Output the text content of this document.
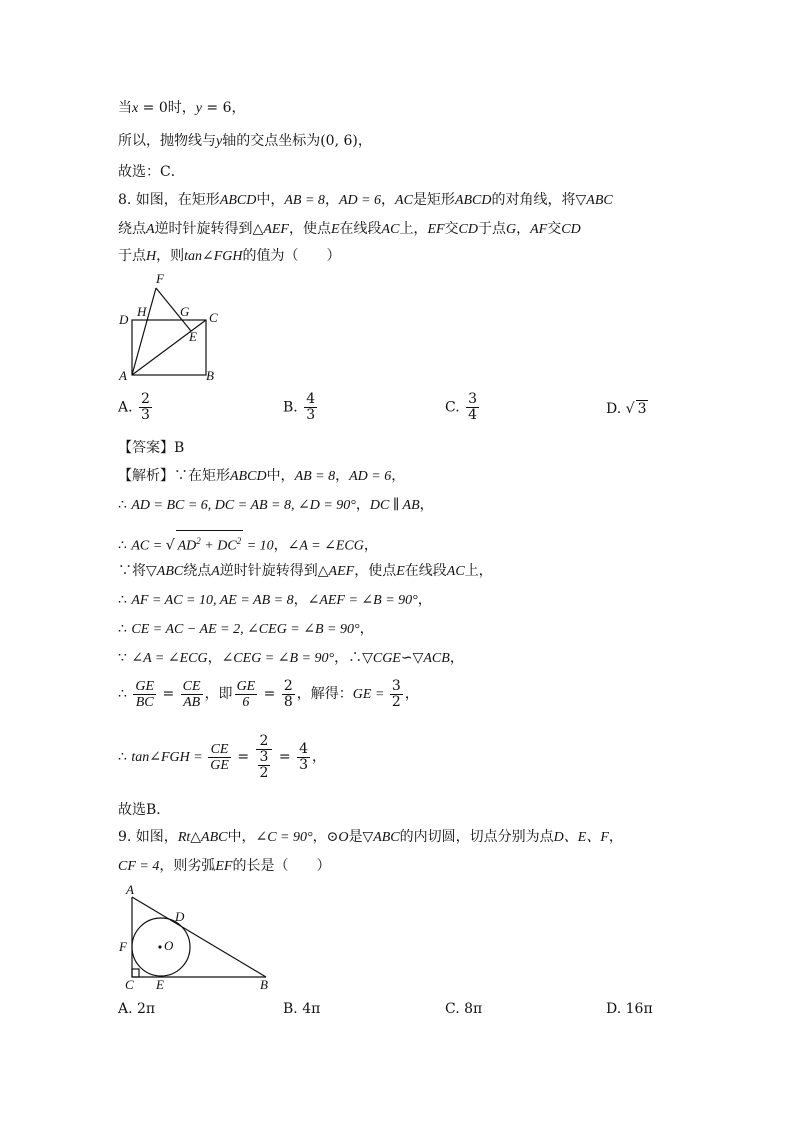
当x = 0时，y = 6，
所以，抛物线与y轴的交点坐标为(0, 6)，
故选：C．
8. 如图，在矩形ABCD中，AB = 8，AD = 6，AC是矩形ABCD的对角线，将▽ABC
绕点A逆时针旋转得到△AEF，使点E在线段AC上，EF交CD于点G，AF交CD
于点H，则tan∠FGH的值为（　　）
F
D
H	G C
E
A	B
A. $\frac{2}{3}$	B. $\frac{4}{3}$	C. $\frac{3}{4}$	D. √ 3
【答案】B
【解析】∵在矩形ABCD中，AB = 8，AD = 6，
∴ AD = BC = 6, DC = AB = 8, ∠D = 90°，DC ∥ AB，
∴ AC = √ $AD^2 + DC^2 = 10$，∠A = ∠ECG，
∵将▽ABC绕点A逆时针旋转得到△AEF，使点E在线段AC上，
∴ AF = AC = 10, AE = AB = 8，∠AEF = ∠B = 90°，
∴ CE = AC − AE = 2, ∠CEG = ∠B = 90°，
∵ ∠A = ∠ECG，∠CEG = ∠B = 90°，∴▽CGE∽▽ACB，
∴ $\frac{GE}{BC} = \frac{CE}{AB}$ ，即 $\frac{GE}{6} = \frac{2}{8}$ ，解得：GE = $\frac{3}{2}$ ，
∴ tan∠FGH = $\frac{CE}{GE} = \frac{2}{\frac{3}{2}} = \frac{4}{3}$ ，
故选B．
9. 如图，Rt△ABC中，∠C = 90°，⊙O是▽ABC的内切圆，切点分别为点D、E、F，
CF = 4，则劣弧EF的长是（　　）
A
D
F	O
C E	B
A. 2π	B. 4π	C. 8π	D. 16π
